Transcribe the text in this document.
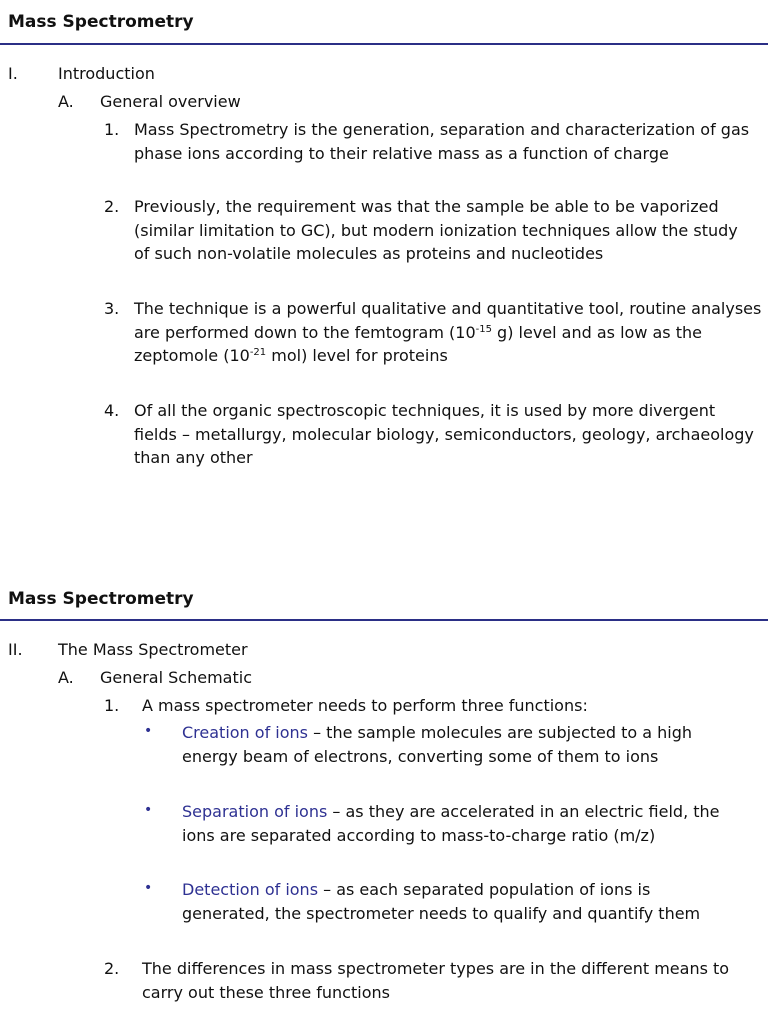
Mass Spectrometry
I.	Introduction
A. General overview
1. Mass Spectrometry is the generation, separation and characterization of gas phase ions according to their relative mass as a function of charge
2. Previously, the requirement was that the sample be able to be vaporized (similar limitation to GC), but modern ionization techniques allow the study of such non-volatile molecules as proteins and nucleotides
3. The technique is a powerful qualitative and quantitative tool, routine analyses are performed down to the femtogram ($10^{-15}$ g) level and as low as the zeptomole ($10^{-21}$ mol) level for proteins
4. Of all the organic spectroscopic techniques, it is used by more divergent fields – metallurgy, molecular biology, semiconductors, geology, archaeology than any other
Mass Spectrometry
II. The Mass Spectrometer
A. General Schematic
1. A mass spectrometer needs to perform three functions:
• Creation of ions – the sample molecules are subjected to a high energy beam of electrons, converting some of them to ions
• Separation of ions – as they are accelerated in an electric field, the ions are separated according to mass-to-charge ratio (m/z)
• Detection of ions – as each separated population of ions is generated, the spectrometer needs to qualify and quantify them
2. The differences in mass spectrometer types are in the different means to carry out these three functions
